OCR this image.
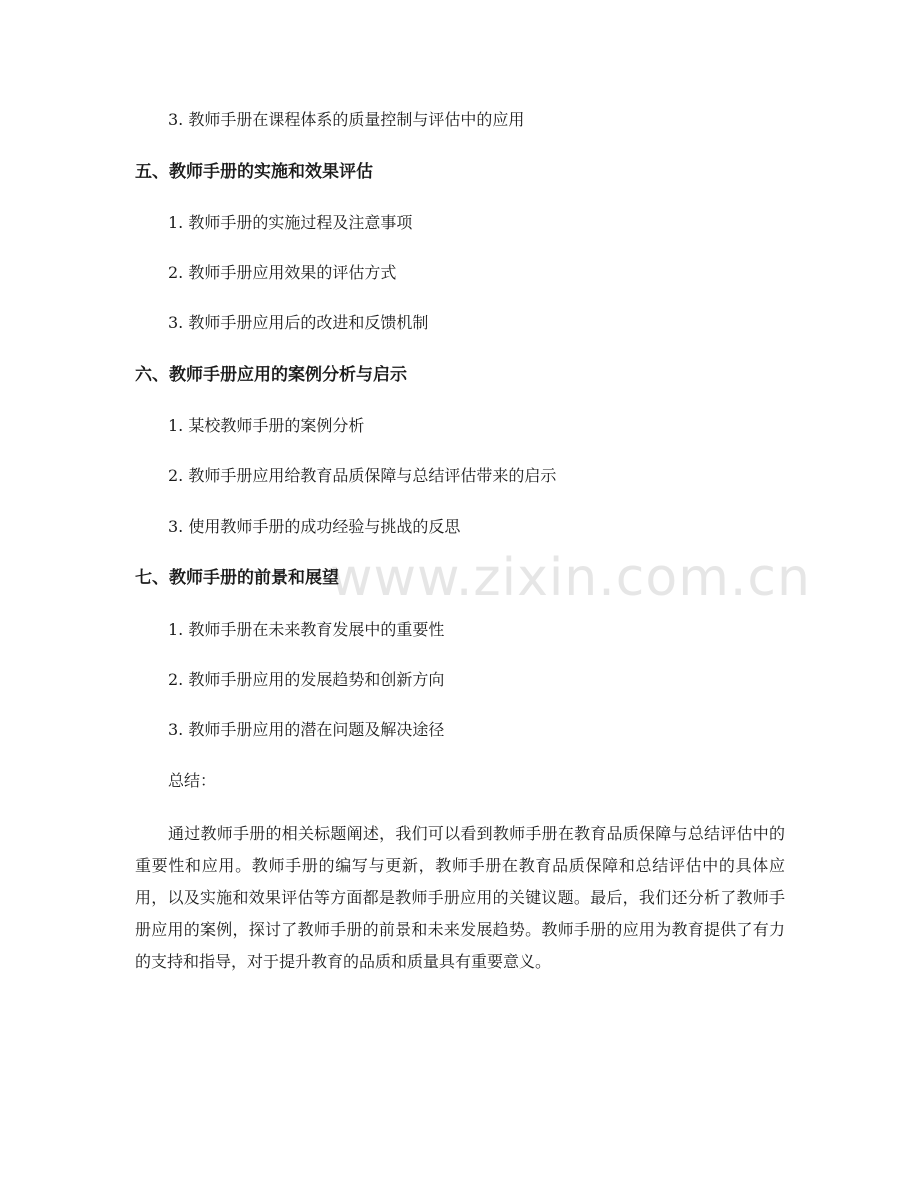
www.zixin.com.cn
3. 教师手册在课程体系的质量控制与评估中的应用
五、教师手册的实施和效果评估
1. 教师手册的实施过程及注意事项
2. 教师手册应用效果的评估方式
3. 教师手册应用后的改进和反馈机制
六、教师手册应用的案例分析与启示
1. 某校教师手册的案例分析
2. 教师手册应用给教育品质保障与总结评估带来的启示
3. 使用教师手册的成功经验与挑战的反思
七、教师手册的前景和展望
1. 教师手册在未来教育发展中的重要性
2. 教师手册应用的发展趋势和创新方向
3. 教师手册应用的潜在问题及解决途径
总结：
通过教师手册的相关标题阐述，我们可以看到教师手册在教育品质保障与总结评估中的重要性和应用。教师手册的编写与更新，教师手册在教育品质保障和总结评估中的具体应用，以及实施和效果评估等方面都是教师手册应用的关键议题。最后，我们还分析了教师手册应用的案例，探讨了教师手册的前景和未来发展趋势。教师手册的应用为教育提供了有力的支持和指导，对于提升教育的品质和质量具有重要意义。
